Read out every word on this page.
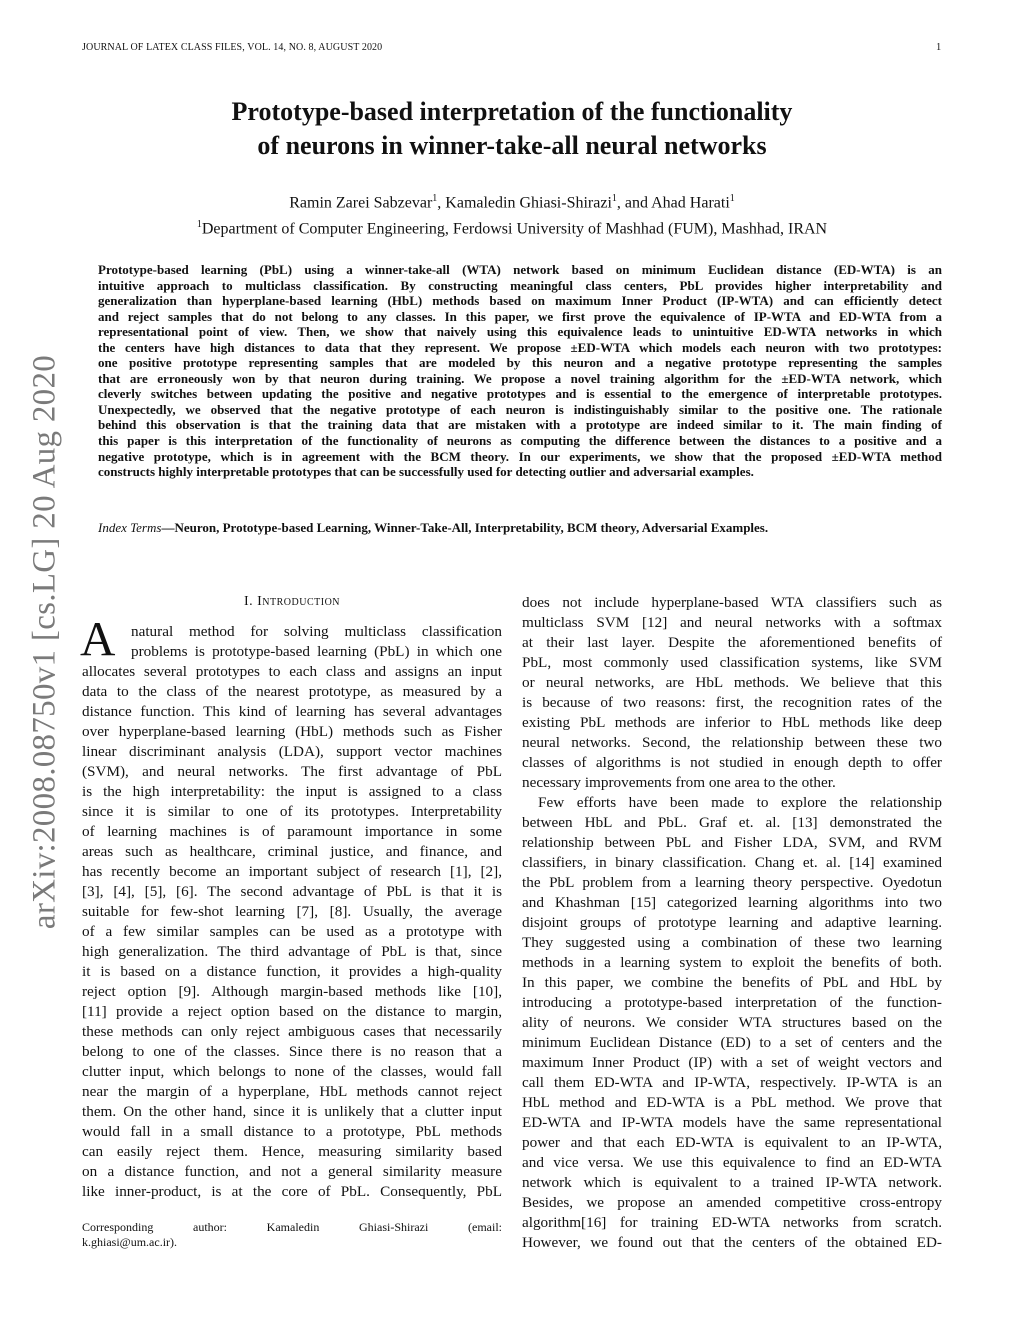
JOURNAL OF LATEX CLASS FILES, VOL. 14, NO. 8, AUGUST 2020	1
arXiv:2008.08750v1 [cs.LG] 20 Aug 2020
Prototype-based interpretation of the functionality
of neurons in winner-take-all neural networks
Ramin Zarei Sabzevar$^1$, Kamaledin Ghiasi-Shirazi$^1$, and Ahad Harati$^1$
$^1$Department of Computer Engineering, Ferdowsi University of Mashhad (FUM), Mashhad, IRAN
Prototype-based learning (PbL) using a winner-take-all (WTA) network based on minimum Euclidean distance (ED-WTA) is an
intuitive approach to multiclass classification. By constructing meaningful class centers, PbL provides higher interpretability and
generalization than hyperplane-based learning (HbL) methods based on maximum Inner Product (IP-WTA) and can efficiently detect
and reject samples that do not belong to any classes. In this paper, we first prove the equivalence of IP-WTA and ED-WTA from a
representational point of view. Then, we show that naively using this equivalence leads to unintuitive ED-WTA networks in which
the centers have high distances to data that they represent. We propose ±ED-WTA which models each neuron with two prototypes:
one positive prototype representing samples that are modeled by this neuron and a negative prototype representing the samples
that are erroneously won by that neuron during training. We propose a novel training algorithm for the ±ED-WTA network, which
cleverly switches between updating the positive and negative prototypes and is essential to the emergence of interpretable prototypes.
Unexpectedly, we observed that the negative prototype of each neuron is indistinguishably similar to the positive one. The rationale
behind this observation is that the training data that are mistaken with a prototype are indeed similar to it. The main finding of
this paper is this interpretation of the functionality of neurons as computing the difference between the distances to a positive and a
negative prototype, which is in agreement with the BCM theory. In our experiments, we show that the proposed ±ED-WTA method
constructs highly interpretable prototypes that can be successfully used for detecting outlier and adversarial examples.
Index Terms—Neuron, Prototype-based Learning, Winner-Take-All, Interpretability, BCM theory, Adversarial Examples.
I. Introduction
A	natural method for solving multiclass classification
problems is prototype-based learning (PbL) in which one
allocates several prototypes to each class and assigns an input
data to the class of the nearest prototype, as measured by a
distance function. This kind of learning has several advantages
over hyperplane-based learning (HbL) methods such as Fisher
linear discriminant analysis (LDA), support vector machines
(SVM), and neural networks. The first advantage of PbL
is the high interpretability: the input is assigned to a class
since it is similar to one of its prototypes. Interpretability
of learning machines is of paramount importance in some
areas such as healthcare, criminal justice, and finance, and
has recently become an important subject of research [1], [2],
[3], [4], [5], [6]. The second advantage of PbL is that it is
suitable for few-shot learning [7], [8]. Usually, the average
of a few similar samples can be used as a prototype with
high generalization. The third advantage of PbL is that, since
it is based on a distance function, it provides a high-quality
reject option [9]. Although margin-based methods like [10],
[11] provide a reject option based on the distance to margin,
these methods can only reject ambiguous cases that necessarily
belong to one of the classes. Since there is no reason that a
clutter input, which belongs to none of the classes, would fall
near the margin of a hyperplane, HbL methods cannot reject
them. On the other hand, since it is unlikely that a clutter input
would fall in a small distance to a prototype, PbL methods
can easily reject them. Hence, measuring similarity based
on a distance function, and not a general similarity measure
like inner-product, is at the core of PbL. Consequently, PbL
does not include hyperplane-based WTA classifiers such as
multiclass SVM [12] and neural networks with a softmax
at their last layer. Despite the aforementioned benefits of
PbL, most commonly used classification systems, like SVM
or neural networks, are HbL methods. We believe that this
is because of two reasons: first, the recognition rates of the
existing PbL methods are inferior to HbL methods like deep
neural networks. Second, the relationship between these two
classes of algorithms is not studied in enough depth to offer
necessary improvements from one area to the other.
Few efforts have been made to explore the relationship
between HbL and PbL. Graf et. al. [13] demonstrated the
relationship between PbL and Fisher LDA, SVM, and RVM
classifiers, in binary classification. Chang et. al. [14] examined
the PbL problem from a learning theory perspective. Oyedotun
and Khashman [15] categorized learning algorithms into two
disjoint groups of prototype learning and adaptive learning.
They suggested using a combination of these two learning
methods in a learning system to exploit the benefits of both.
In this paper, we combine the benefits of PbL and HbL by
introducing a prototype-based interpretation of the function-
ality of neurons. We consider WTA structures based on the
minimum Euclidean Distance (ED) to a set of centers and the
maximum Inner Product (IP) with a set of weight vectors and
call them ED-WTA and IP-WTA, respectively. IP-WTA is an
HbL method and ED-WTA is a PbL method. We prove that
ED-WTA and IP-WTA models have the same representational
power and that each ED-WTA is equivalent to an IP-WTA,
and vice versa. We use this equivalence to find an ED-WTA
network which is equivalent to a trained IP-WTA network.
Besides, we propose an amended competitive cross-entropy
algorithm[16] for training ED-WTA networks from scratch.
However, we found out that the centers of the obtained ED-
Corresponding author: Kamaledin Ghiasi-Shirazi (email:
k.ghiasi@um.ac.ir).
